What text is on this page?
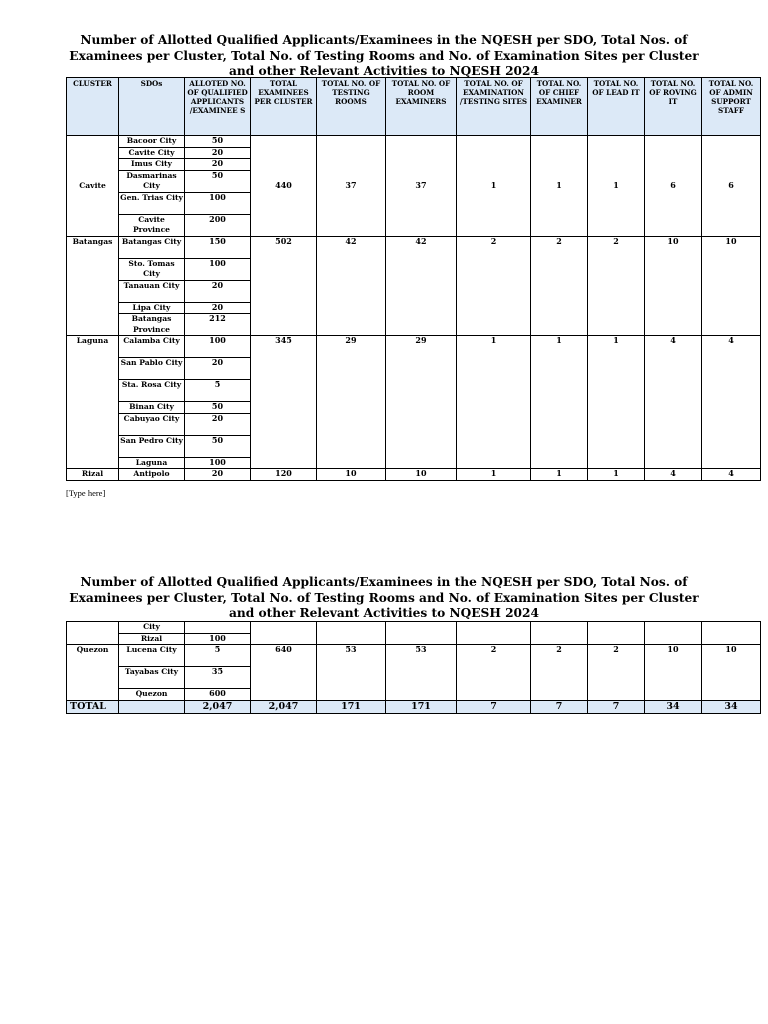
Number of Allotted Qualified Applicants/Examinees in the NQESH per SDO, Total Nos. of
Examinees per Cluster, Total No. of Testing Rooms and No. of Examination Sites per Cluster
and other Relevant Activities to NQESH 2024
CLUSTER	SDOs	ALLOTED NO. OF QUALIFIED APPLICANTS /EXAMINEE S	TOTAL EXAMINEES PER CLUSTER	TOTAL NO. OF TESTING ROOMS	TOTAL NO. OF ROOM EXAMINERS	TOTAL NO. OF EXAMINATION /TESTING SITES	TOTAL NO. OF CHIEF EXAMINER	TOTAL NO. OF LEAD IT	TOTAL NO. OF ROVING IT	TOTAL NO. OF ADMIN SUPPORT STAFF
Cavite	Bacoor City	50	440	37	37	1	1	1	6	6
	Cavite City	20								
	Imus City	20								
	Dasmarinas City	50								
	Gen. Trias City	100								
	Cavite Province	200								
Batangas	Batangas City	150	502	42	42	2	2	2	10	10
	Sto. Tomas City	100								
	Tanauan City	20								
	Lipa City	20								
	Batangas Province	212								
Laguna	Calamba City	100	345	29	29	1	1	1	4	4
	San Pablo City	20								
	Sta. Rosa City	5								
	Binan City	50								
	Cabuyao City	20								
	San Pedro City	50								
	Laguna	100								
Rizal	Antipolo	20	120	10	10	1	1	1	4	4
[Type here]
Number of Allotted Qualified Applicants/Examinees in the NQESH per SDO, Total Nos. of
Examinees per Cluster, Total No. of Testing Rooms and No. of Examination Sites per Cluster
and other Relevant Activities to NQESH 2024
	City									
	Rizal	100								
Quezon	Lucena City	5	640	53	53	2	2	2	10	10
	Tayabas City	35								
	Quezon	600								
TOTAL		2,047	2,047	171	171	7	7	7	34	34
